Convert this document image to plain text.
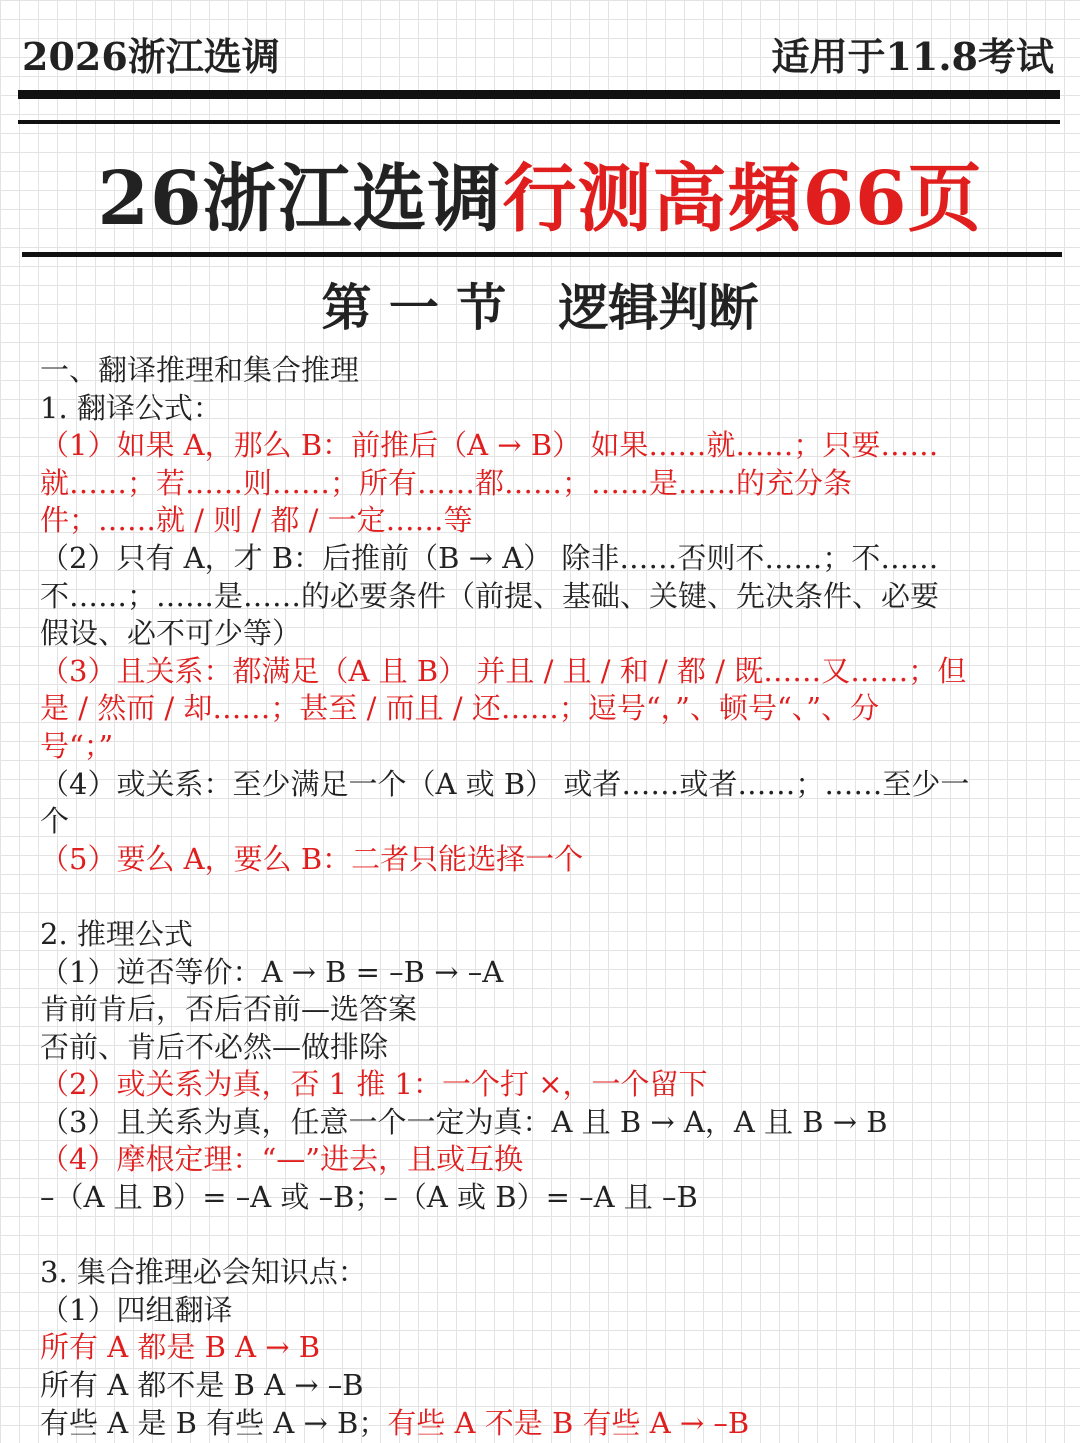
2026浙江选调	适用于11.8考试
26浙江选调行测高頻66页
第 一 节   逻辑判断
一、翻译推理和集合推理
1. 翻译公式：
（1）如果 A，那么 B：前推后（A → B） 如果……就……；只要……
就……；若……则……；所有……都……；……是……的充分条
件；……就 / 则 / 都 / 一定……等
（2）只有 A，才 B：后推前（B → A） 除非……否则不……；不……
不……；……是……的必要条件（前提、基础、关键、先决条件、必要
假设、必不可少等）
（3）且关系：都满足（A 且 B） 并且 / 且 / 和 / 都 / 既……又……；但
是 / 然而 / 却……；甚至 / 而且 / 还……；逗号“，”、顿号“、”、分
号“；”
（4）或关系：至少满足一个（A 或 B） 或者……或者……；……至少一
个
（5）要么 A，要么 B：二者只能选择一个
2. 推理公式
（1）逆否等价：A → B = –B → –A
肯前肯后，否后否前—选答案
否前、肯后不必然—做排除
（2）或关系为真，否 1 推 1：一个打 ×，一个留下
（3）且关系为真，任意一个一定为真：A 且 B → A，A 且 B → B
（4）摩根定理：“—”进去，且或互换
–（A 且 B）= –A 或 –B；–（A 或 B）= –A 且 –B
3. 集合推理必会知识点：
（1）四组翻译
所有 A 都是 B A → B
所有 A 都不是 B A → –B
有些 A 是 B 有些 A → B；有些 A 不是 B 有些 A → –B
